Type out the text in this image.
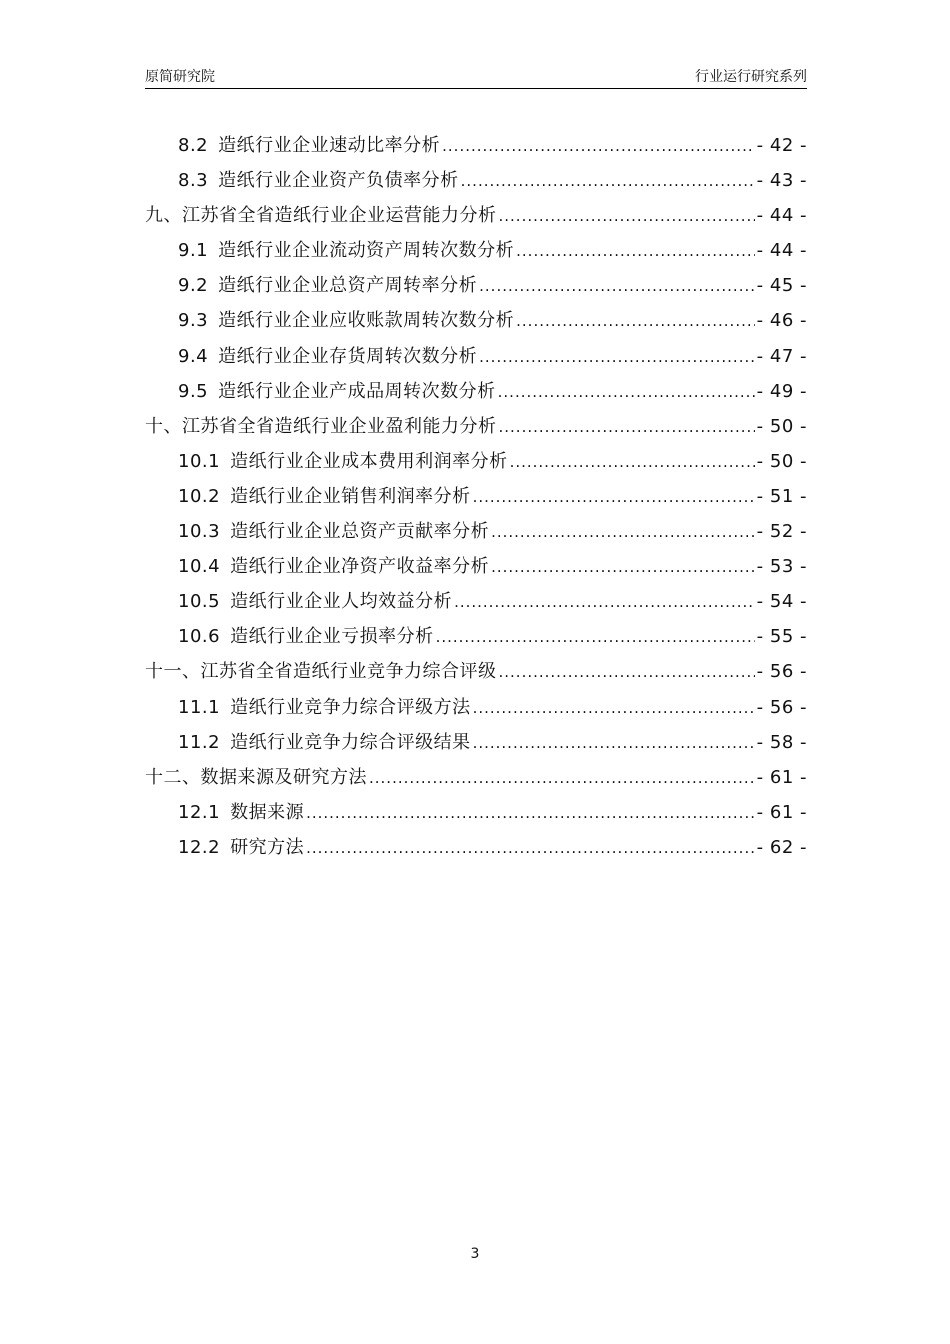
原简研究院	行业运行研究系列
8.2 造纸行业企业速动比率分析 .....	- 42 -
8.3 造纸行业企业资产负债率分析 .....	- 43 -
九、江苏省全省造纸行业企业运营能力分析 .....	- 44 -
9.1 造纸行业企业流动资产周转次数分析 .....	- 44 -
9.2 造纸行业企业总资产周转率分析 .....	- 45 -
9.3 造纸行业企业应收账款周转次数分析 .....	- 46 -
9.4 造纸行业企业存货周转次数分析 .....	- 47 -
9.5 造纸行业企业产成品周转次数分析 .....	- 49 -
十、江苏省全省造纸行业企业盈利能力分析 .....	- 50 -
10.1 造纸行业企业成本费用利润率分析 .....	- 50 -
10.2 造纸行业企业销售利润率分析 .....	- 51 -
10.3 造纸行业企业总资产贡献率分析 .....	- 52 -
10.4 造纸行业企业净资产收益率分析 .....	- 53 -
10.5 造纸行业企业人均效益分析 .....	- 54 -
10.6 造纸行业企业亏损率分析 .....	- 55 -
十一、江苏省全省造纸行业竞争力综合评级 .....	- 56 -
11.1 造纸行业竞争力综合评级方法 .....	- 56 -
11.2 造纸行业竞争力综合评级结果 .....	- 58 -
十二、数据来源及研究方法 .....	- 61 -
12.1 数据来源 .....	- 61 -
12.2 研究方法 .....	- 62 -
3
